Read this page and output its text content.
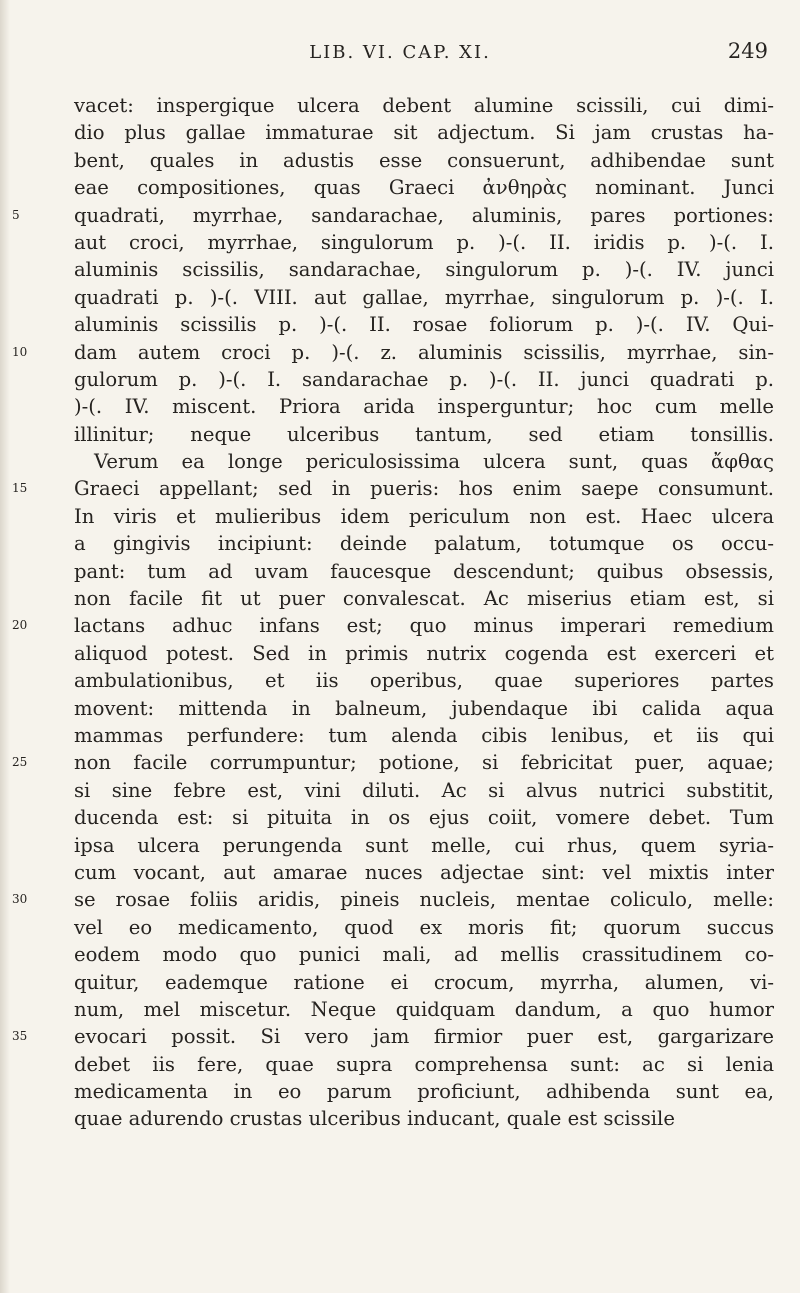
LIB. VI. CAP. XI.	249
vacet: inspergique ulcera debent alumine scissili, cui dimi-
dio plus gallae immaturae sit adjectum. Si jam crustas ha-
bent, quales in adustis esse consuerunt, adhibendae sunt
eae compositiones, quas Graeci ἀνθηρὰς nominant. Junci
5	quadrati, myrrhae, sandarachae, aluminis, pares portiones:
aut croci, myrrhae, singulorum p. )-(. II. iridis p. )-(. I.
aluminis scissilis, sandarachae, singulorum p. )-(. IV. junci
quadrati p. )-(. VIII. aut gallae, myrrhae, singulorum p. )-(. I.
aluminis scissilis p. )-(. II. rosae foliorum p. )-(. IV. Qui-
10	dam autem croci p. )-(. z. aluminis scissilis, myrrhae, sin-
gulorum p. )-(. I. sandarachae p. )-(. II. junci quadrati p.
)-(. IV. miscent. Priora arida insperguntur; hoc cum melle
illinitur; neque ulceribus tantum, sed etiam tonsillis.
Verum ea longe periculosissima ulcera sunt, quas ἄφθας
15	Graeci appellant; sed in pueris: hos enim saepe consumunt.
In viris et mulieribus idem periculum non est. Haec ulcera
a gingivis incipiunt: deinde palatum, totumque os occu-
pant: tum ad uvam faucesque descendunt; quibus obsessis,
non facile fit ut puer convalescat. Ac miserius etiam est, si
20	lactans adhuc infans est; quo minus imperari remedium
aliquod potest. Sed in primis nutrix cogenda est exerceri et
ambulationibus, et iis operibus, quae superiores partes
movent: mittenda in balneum, jubendaque ibi calida aqua
mammas perfundere: tum alenda cibis lenibus, et iis qui
25	non facile corrumpuntur; potione, si febricitat puer, aquae;
si sine febre est, vini diluti. Ac si alvus nutrici substitit,
ducenda est: si pituita in os ejus coiit, vomere debet. Tum
ipsa ulcera perungenda sunt melle, cui rhus, quem syria-
cum vocant, aut amarae nuces adjectae sint: vel mixtis inter
30	se rosae foliis aridis, pineis nucleis, mentae coliculo, melle:
vel eo medicamento, quod ex moris fit; quorum succus
eodem modo quo punici mali, ad mellis crassitudinem co-
quitur, eademque ratione ei crocum, myrrha, alumen, vi-
num, mel miscetur. Neque quidquam dandum, a quo humor
35	evocari possit. Si vero jam firmior puer est, gargarizare
debet iis fere, quae supra comprehensa sunt: ac si lenia
medicamenta in eo parum proficiunt, adhibenda sunt ea,
quae adurendo crustas ulceribus inducant, quale est scissile
